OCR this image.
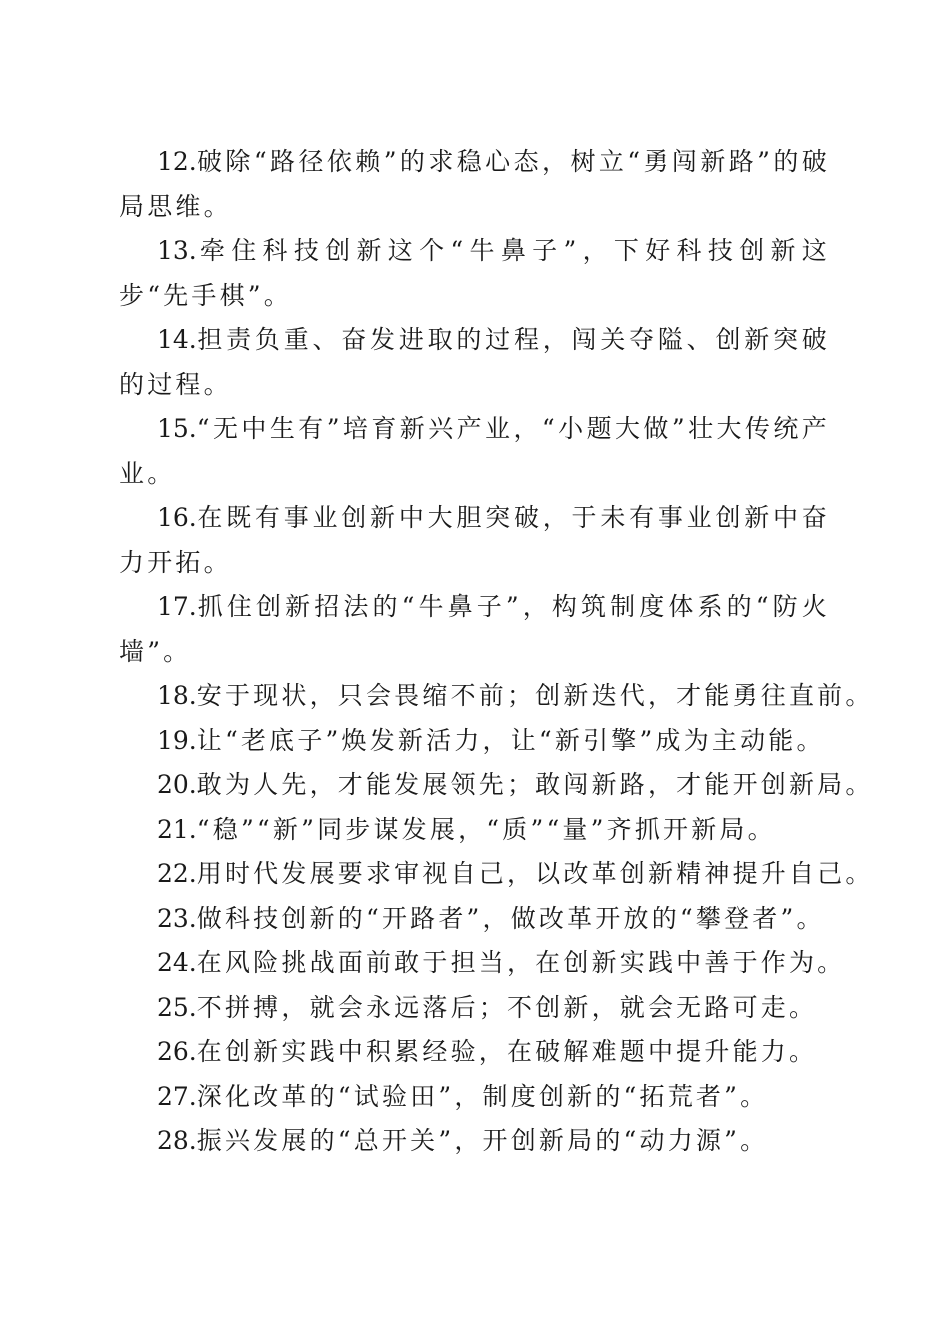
12.破除“路径依赖”的求稳心态，树立“勇闯新路”的破局思维。

13.牵住科技创新这个“牛鼻子”，下好科技创新这步“先手棋”。

14.担责负重、奋发进取的过程，闯关夺隘、创新突破的过程。

15.“无中生有”培育新兴产业，“小题大做”壮大传统产业。

16.在既有事业创新中大胆突破，于未有事业创新中奋力开拓。

17.抓住创新招法的“牛鼻子”，构筑制度体系的“防火墙”。

18.安于现状，只会畏缩不前；创新迭代，才能勇往直前。

19.让“老底子”焕发新活力，让“新引擎”成为主动能。

20.敢为人先，才能发展领先；敢闯新路，才能开创新局。

21.“稳”“新”同步谋发展，“质”“量”齐抓开新局。

22.用时代发展要求审视自己，以改革创新精神提升自己。

23.做科技创新的“开路者”，做改革开放的“攀登者”。

24.在风险挑战面前敢于担当，在创新实践中善于作为。

25.不拼搏，就会永远落后；不创新，就会无路可走。

26.在创新实践中积累经验，在破解难题中提升能力。

27.深化改革的“试验田”，制度创新的“拓荒者”。

28.振兴发展的“总开关”，开创新局的“动力源”。
